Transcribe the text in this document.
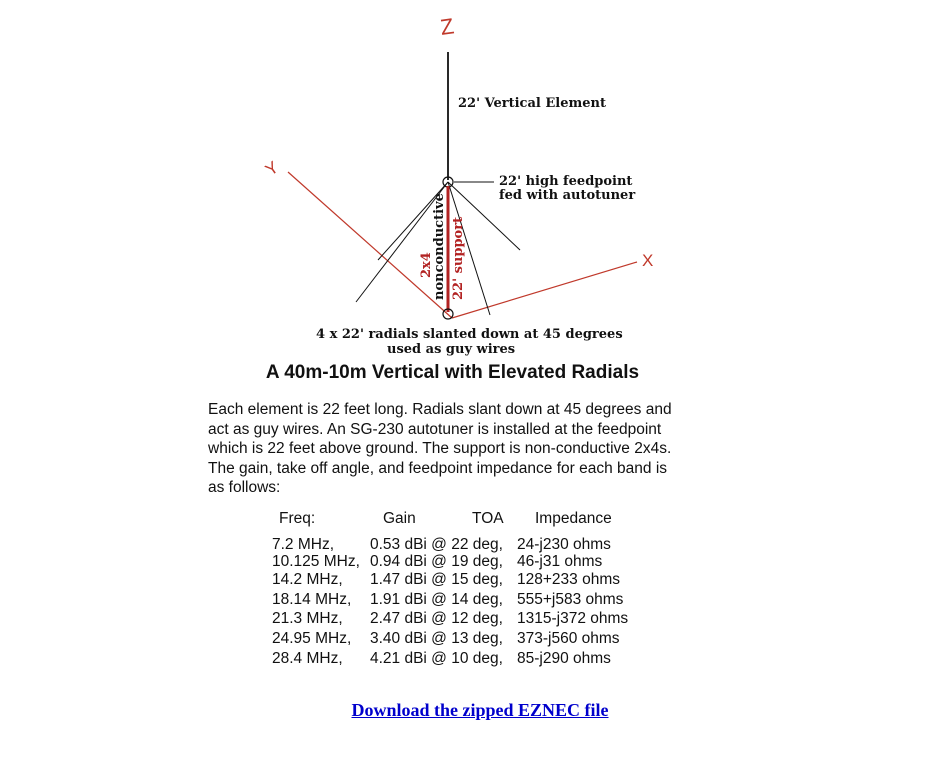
Z
Y
X
2x4
nonconductive 22' support
22' Vertical Element
22' high feedpoint
fed with autotuner
4 x 22' radials slanted down at 45 degrees
used as guy wires
A 40m-10m Vertical with Elevated Radials
Each element is 22 feet long. Radials slant down at 45 degrees and
act as guy wires. An SG-230 autotuner is installed at the feedpoint
which is 22 feet above ground. The support is non-conductive 2x4s.
The gain, take off angle, and feedpoint impedance for each band is
as follows:
Freq:	Gain	TOA Impedance
7.2 MHz, 0.53 dBi @ 22 deg, 24-j230 ohms
10.125 MHz, 0.94 dBi @ 19 deg, 46-j31 ohms
14.2 MHz, 1.47 dBi @ 15 deg, 128+233 ohms
18.14 MHz, 1.91 dBi @ 14 deg, 555+j583 ohms
21.3 MHz, 2.47 dBi @ 12 deg, 1315-j372 ohms
24.95 MHz, 3.40 dBi @ 13 deg, 373-j560 ohms
28.4 MHz, 4.21 dBi @ 10 deg, 85-j290 ohms
Download the zipped EZNEC file
